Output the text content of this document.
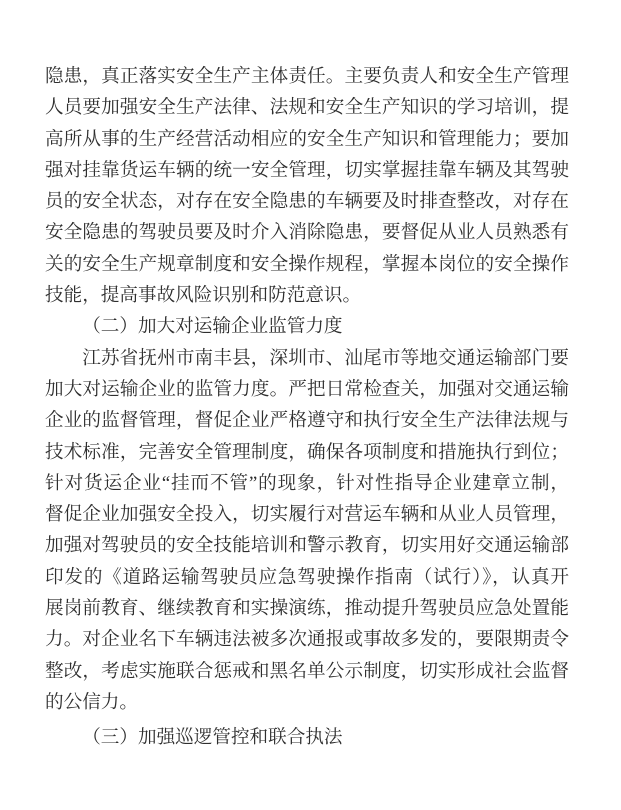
隐患，真正落实安全生产主体责任。主要负责人和安全生产管理
人员要加强安全生产法律、法规和安全生产知识的学习培训，提
高所从事的生产经营活动相应的安全生产知识和管理能力；要加
强对挂靠货运车辆的统一安全管理，切实掌握挂靠车辆及其驾驶
员的安全状态，对存在安全隐患的车辆要及时排查整改，对存在
安全隐患的驾驶员要及时介入消除隐患，要督促从业人员熟悉有
关的安全生产规章制度和安全操作规程，掌握本岗位的安全操作
技能，提高事故风险识别和防范意识。
（二）加大对运输企业监管力度
江苏省抚州市南丰县，深圳市、汕尾市等地交通运输部门要
加大对运输企业的监管力度。严把日常检查关，加强对交通运输
企业的监督管理，督促企业严格遵守和执行安全生产法律法规与
技术标准，完善安全管理制度，确保各项制度和措施执行到位；
针对货运企业“挂而不管”的现象，针对性指导企业建章立制，
督促企业加强安全投入，切实履行对营运车辆和从业人员管理，
加强对驾驶员的安全技能培训和警示教育，切实用好交通运输部
印发的《道路运输驾驶员应急驾驶操作指南（试行）》，认真开
展岗前教育、继续教育和实操演练，推动提升驾驶员应急处置能
力。对企业名下车辆违法被多次通报或事故多发的，要限期责令
整改，考虑实施联合惩戒和黑名单公示制度，切实形成社会监督
的公信力。
（三）加强巡逻管控和联合执法
